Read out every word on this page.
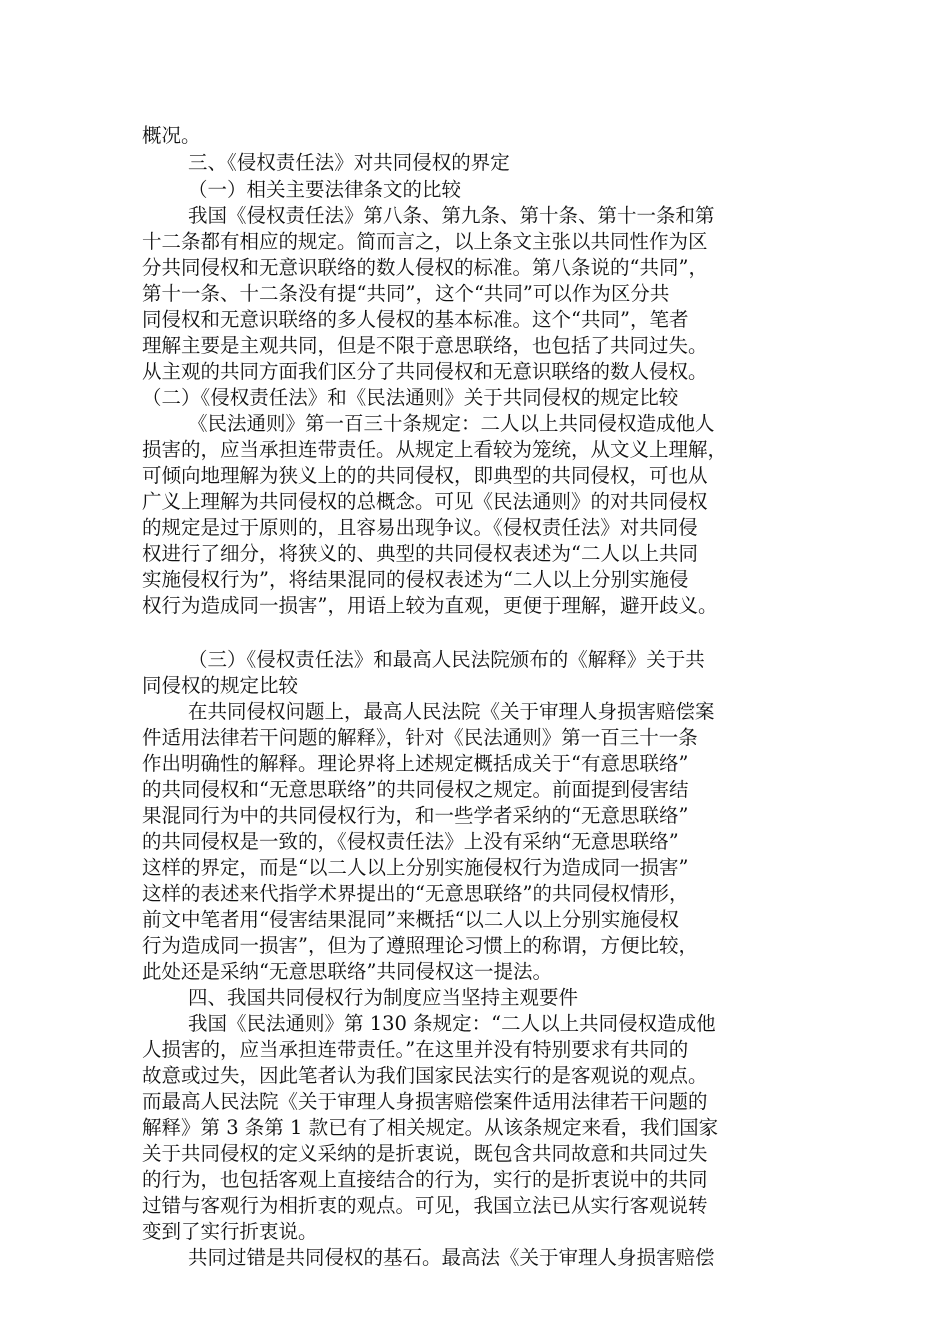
概况。
三、《侵权责任法》对共同侵权的界定
（一）相关主要法律条文的比较
我国《侵权责任法》第八条、第九条、第十条、第十一条和第
十二条都有相应的规定。简而言之，以上条文主张以共同性作为区
分共同侵权和无意识联络的数人侵权的标准。第八条说的“共同”，
第十一条、十二条没有提“共同”，这个“共同”可以作为区分共
同侵权和无意识联络的多人侵权的基本标准。这个“共同”，笔者
理解主要是主观共同，但是不限于意思联络，也包括了共同过失。
从主观的共同方面我们区分了共同侵权和无意识联络的数人侵权。
（二）《侵权责任法》和《民法通则》关于共同侵权的规定比较
《民法通则》第一百三十条规定：二人以上共同侵权造成他人
损害的，应当承担连带责任。从规定上看较为笼统，从文义上理解，
可倾向地理解为狭义上的的共同侵权，即典型的共同侵权，可也从
广义上理解为共同侵权的总概念。可见《民法通则》的对共同侵权
的规定是过于原则的，且容易出现争议。《侵权责任法》对共同侵
权进行了细分，将狭义的、典型的共同侵权表述为“二人以上共同
实施侵权行为”，将结果混同的侵权表述为“二人以上分别实施侵
权行为造成同一损害”，用语上较为直观，更便于理解，避开歧义。
（三）《侵权责任法》和最高人民法院颁布的《解释》关于共
同侵权的规定比较
在共同侵权问题上，最高人民法院《关于审理人身损害赔偿案
件适用法律若干问题的解释》，针对《民法通则》第一百三十一条
作出明确性的解释。理论界将上述规定概括成关于“有意思联络”
的共同侵权和“无意思联络”的共同侵权之规定。前面提到侵害结
果混同行为中的共同侵权行为，和一些学者采纳的“无意思联络”
的共同侵权是一致的，《侵权责任法》上没有采纳“无意思联络”
这样的界定，而是“以二人以上分别实施侵权行为造成同一损害”
这样的表述来代指学术界提出的“无意思联络”的共同侵权情形，
前文中笔者用“侵害结果混同”来概括“以二人以上分别实施侵权
行为造成同一损害”，但为了遵照理论习惯上的称谓，方便比较，
此处还是采纳“无意思联络”共同侵权这一提法。
四、我国共同侵权行为制度应当坚持主观要件
我国《民法通则》第 130 条规定：“二人以上共同侵权造成他
人损害的，应当承担连带责任。”在这里并没有特别要求有共同的
故意或过失，因此笔者认为我们国家民法实行的是客观说的观点。
而最高人民法院《关于审理人身损害赔偿案件适用法律若干问题的
解释》第 3 条第 1 款已有了相关规定。从该条规定来看，我们国家
关于共同侵权的定义采纳的是折衷说，既包含共同故意和共同过失
的行为，也包括客观上直接结合的行为，实行的是折衷说中的共同
过错与客观行为相折衷的观点。可见，我国立法已从实行客观说转
变到了实行折衷说。
共同过错是共同侵权的基石。最高法《关于审理人身损害赔偿
